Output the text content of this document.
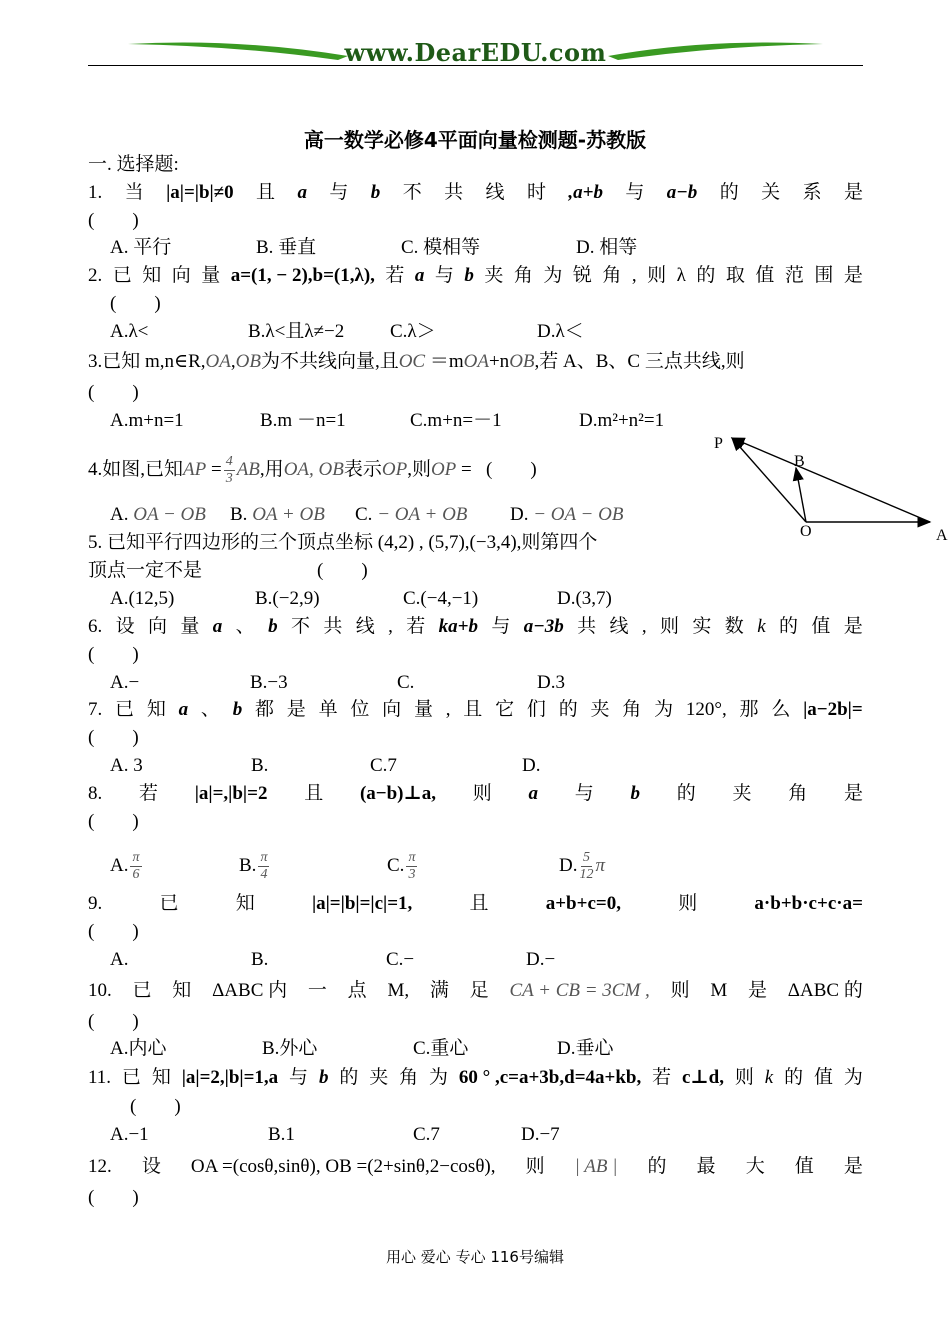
www.DearEDU.com
高一数学必修4平面向量检测题-苏教版
一. 选择题:
1. 当 |a|=|b|≠0 且 a 与 b 不 共 线 时 ,a+b 与 a−b 的 关 系 是
(　　)
A. 平行	B. 垂直	C. 模相等	D. 相等
2. 已 知 向 量 a=(1, − 2),b=(1,λ), 若 a 与 b 夹 角 为 锐 角 , 则 λ 的 取 值 范 围 是
(　　)
A.λ<	B.λ<且λ≠−2 C.λ＞	D.λ＜
3.已知 m,n∈R,OA,OB为不共线向量,且OC ＝mOA+nOB,若 A、B、C 三点共线,则
(　　)
A.m+n=1	B.m －n=1	C.m+n=－1	D.m²+n²=1
4.如图,已知AP = $\frac{4}{3}$ AB,用OA, OB表示OP,则OP = (　　)
A. OA − OB B. OA + OB C. − OA + OB D. − OA − OB
P
B
O	A
5. 已知平行四边形的三个顶点坐标 (4,2) , (5,7),(−3,4),则第四个
顶点一定不是	(　　)
A.(12,5)	B.(−2,9)	C.(−4,−1)	D.(3,7)
6. 设 向 量 a 、 b 不 共 线 , 若 ka+b 与 a−3b 共 线 , 则 实 数 k 的 值 是
(　　)
A.−	B.−3	C.	D.3
7. 已 知 a 、 b 都 是 单 位 向 量 , 且 它 们 的 夹 角 为 120°, 那 么 |a−2b|=
(　　)
A. 3	B.	C.7	D.
8. 若 |a|=,|b|=2 且 (a−b)⊥a, 则 a 与 b 的 夹 角 是
(　　)
A. $\frac{\pi}{6}$	B. $\frac{\pi}{4}$	C. $\frac{\pi}{3}$	D. $\frac{5}{12}$ π
9.	已	知	|a|=|b|=|c|=1,	且	a+b+c=0,	则	a·b+b·c+c·a=
(　　)
A.	B.	C.−	D.−
10. 已 知 ΔABC 内 一 点 M, 满 足 CA + CB = 3CM , 则 M 是 ΔABC 的
(　　)
A.内心	B.外心	C.重心	D.垂心
11. 已 知 |a|=2,|b|=1,a 与 b 的 夹 角 为 60 ° ,c=a+3b,d=4a+kb, 若 c⊥d, 则 k 的 值 为
(　　)
A.−1	B.1	C.7	D.−7
12. 设 OA =(cosθ,sinθ), OB =(2+sinθ,2−cosθ), 则 | AB | 的 最 大 值 是
(　　)
用心 爱心 专心 116号编辑
